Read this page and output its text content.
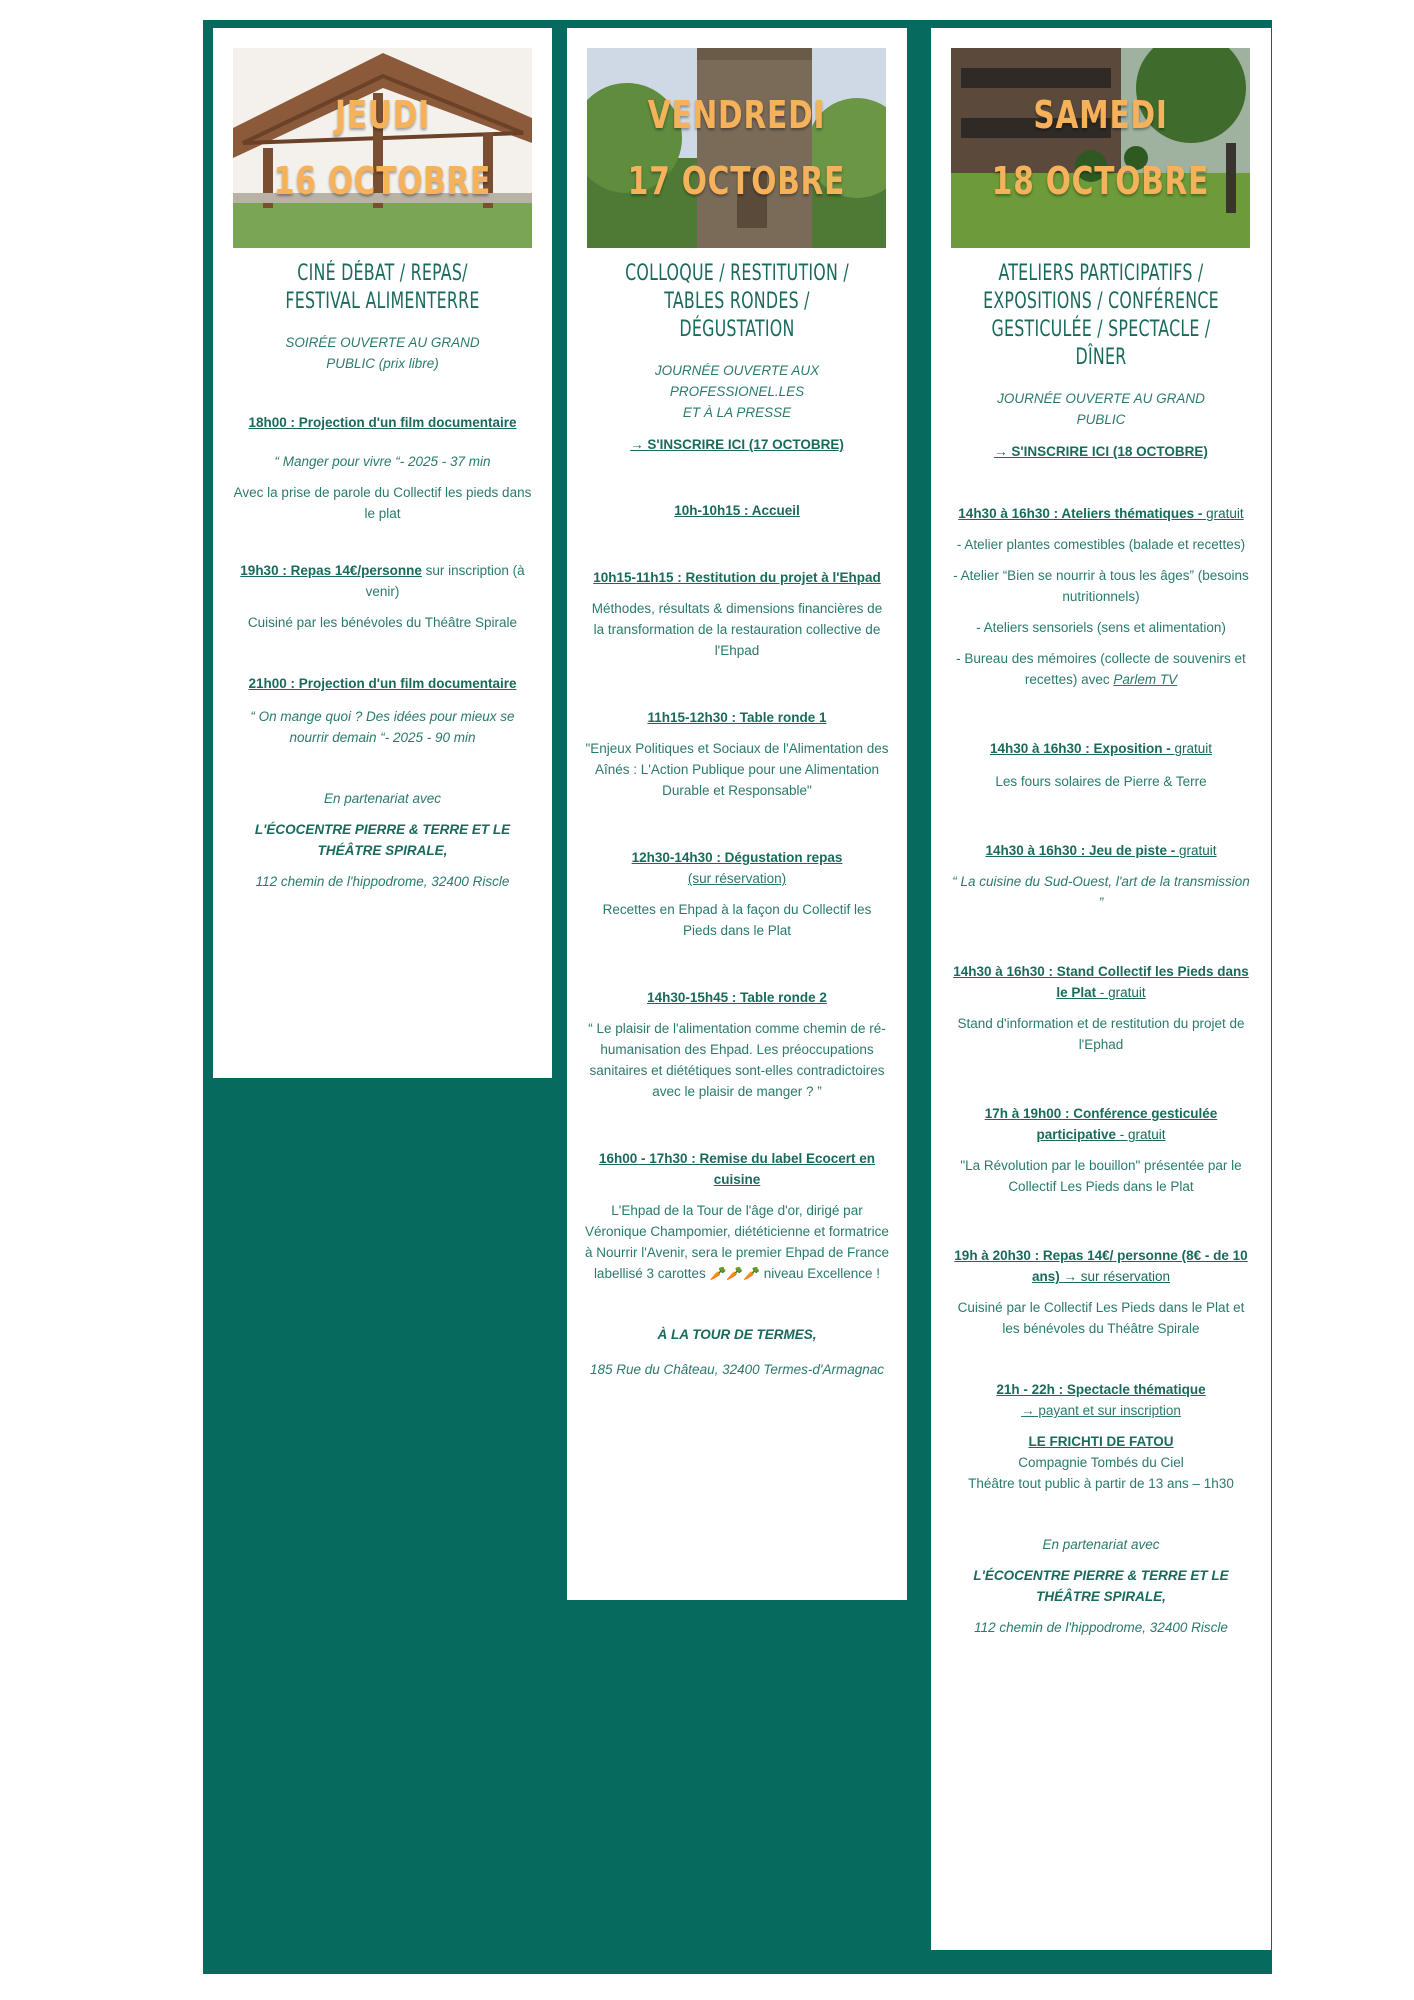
JEUDI
16 OCTOBRE
CINÉ DÉBAT / REPAS/
FESTIVAL ALIMENTERRE
SOIRÉE OUVERTE AU GRAND
PUBLIC (prix libre)
18h00 : Projection d'un film documentaire
“ Manger pour vivre “- 2025 - 37 min
Avec la prise de parole du Collectif les pieds dans le plat
19h30 : Repas 14€/personne sur inscription (à venir)
Cuisiné par les bénévoles du Théâtre Spirale
21h00 : Projection d'un film documentaire
“ On mange quoi ? Des idées pour mieux se nourrir demain “- 2025 - 90 min
En partenariat avec
L'ÉCOCENTRE PIERRE & TERRE ET LE THÉÂTRE SPIRALE,
112 chemin de l'hippodrome, 32400 Riscle
VENDREDI
17 OCTOBRE
COLLOQUE / RESTITUTION /
TABLES RONDES /
DÉGUSTATION
JOURNÉE OUVERTE AUX
PROFESSIONEL.LES
ET À LA PRESSE
→ S'INSCRIRE ICI (17 OCTOBRE)
10h-10h15 : Accueil
10h15-11h15 : Restitution du projet à l'Ehpad
Méthodes, résultats & dimensions financières de la transformation de la restauration collective de l'Ehpad
11h15-12h30 : Table ronde 1
"Enjeux Politiques et Sociaux de l'Alimentation des Aînés : L'Action Publique pour une Alimentation Durable et Responsable"
12h30-14h30 : Dégustation repas
(sur réservation)
Recettes en Ehpad à la façon du Collectif les Pieds dans le Plat
14h30-15h45 : Table ronde 2
“ Le plaisir de l'alimentation comme chemin de ré-humanisation des Ehpad. Les préoccupations sanitaires et diététiques sont-elles contradictoires avec le plaisir de manger ? ”
16h00 - 17h30 : Remise du label Ecocert en cuisine
L'Ehpad de la Tour de l'âge d'or, dirigé par Véronique Champomier, diététicienne et formatrice à Nourrir l'Avenir, sera le premier Ehpad de France labellisé 3 carottes 🥕🥕🥕 niveau Excellence !
À LA TOUR DE TERMES,
185 Rue du Château, 32400 Termes-d'Armagnac
SAMEDI
18 OCTOBRE
ATELIERS PARTICIPATIFS /
EXPOSITIONS / CONFÉRENCE
GESTICULÉE / SPECTACLE /
DÎNER
JOURNÉE OUVERTE AU GRAND
PUBLIC
→ S'INSCRIRE ICI (18 OCTOBRE)
14h30 à 16h30 : Ateliers thématiques - gratuit
- Atelier plantes comestibles (balade et recettes)
- Atelier “Bien se nourrir à tous les âges” (besoins nutritionnels)
- Ateliers sensoriels (sens et alimentation)
- Bureau des mémoires (collecte de souvenirs et recettes) avec Parlem TV
14h30 à 16h30 : Exposition - gratuit
Les fours solaires de Pierre & Terre
14h30 à 16h30 : Jeu de piste - gratuit
“ La cuisine du Sud-Ouest, l'art de la transmission ”
14h30 à 16h30 : Stand Collectif les Pieds dans le Plat - gratuit
Stand d'information et de restitution du projet de l'Ephad
17h à 19h00 : Conférence gesticulée participative - gratuit
"La Révolution par le bouillon" présentée par le Collectif Les Pieds dans le Plat
19h à 20h30 : Repas 14€/ personne (8€ - de 10 ans) → sur réservation
Cuisiné par le Collectif Les Pieds dans le Plat et les bénévoles du Théâtre Spirale
21h - 22h : Spectacle thématique
→ payant et sur inscription
LE FRICHTI DE FATOU
Compagnie Tombés du Ciel
Théâtre tout public à partir de 13 ans – 1h30
En partenariat avec
L'ÉCOCENTRE PIERRE & TERRE ET LE THÉÂTRE SPIRALE,
112 chemin de l'hippodrome, 32400 Riscle
